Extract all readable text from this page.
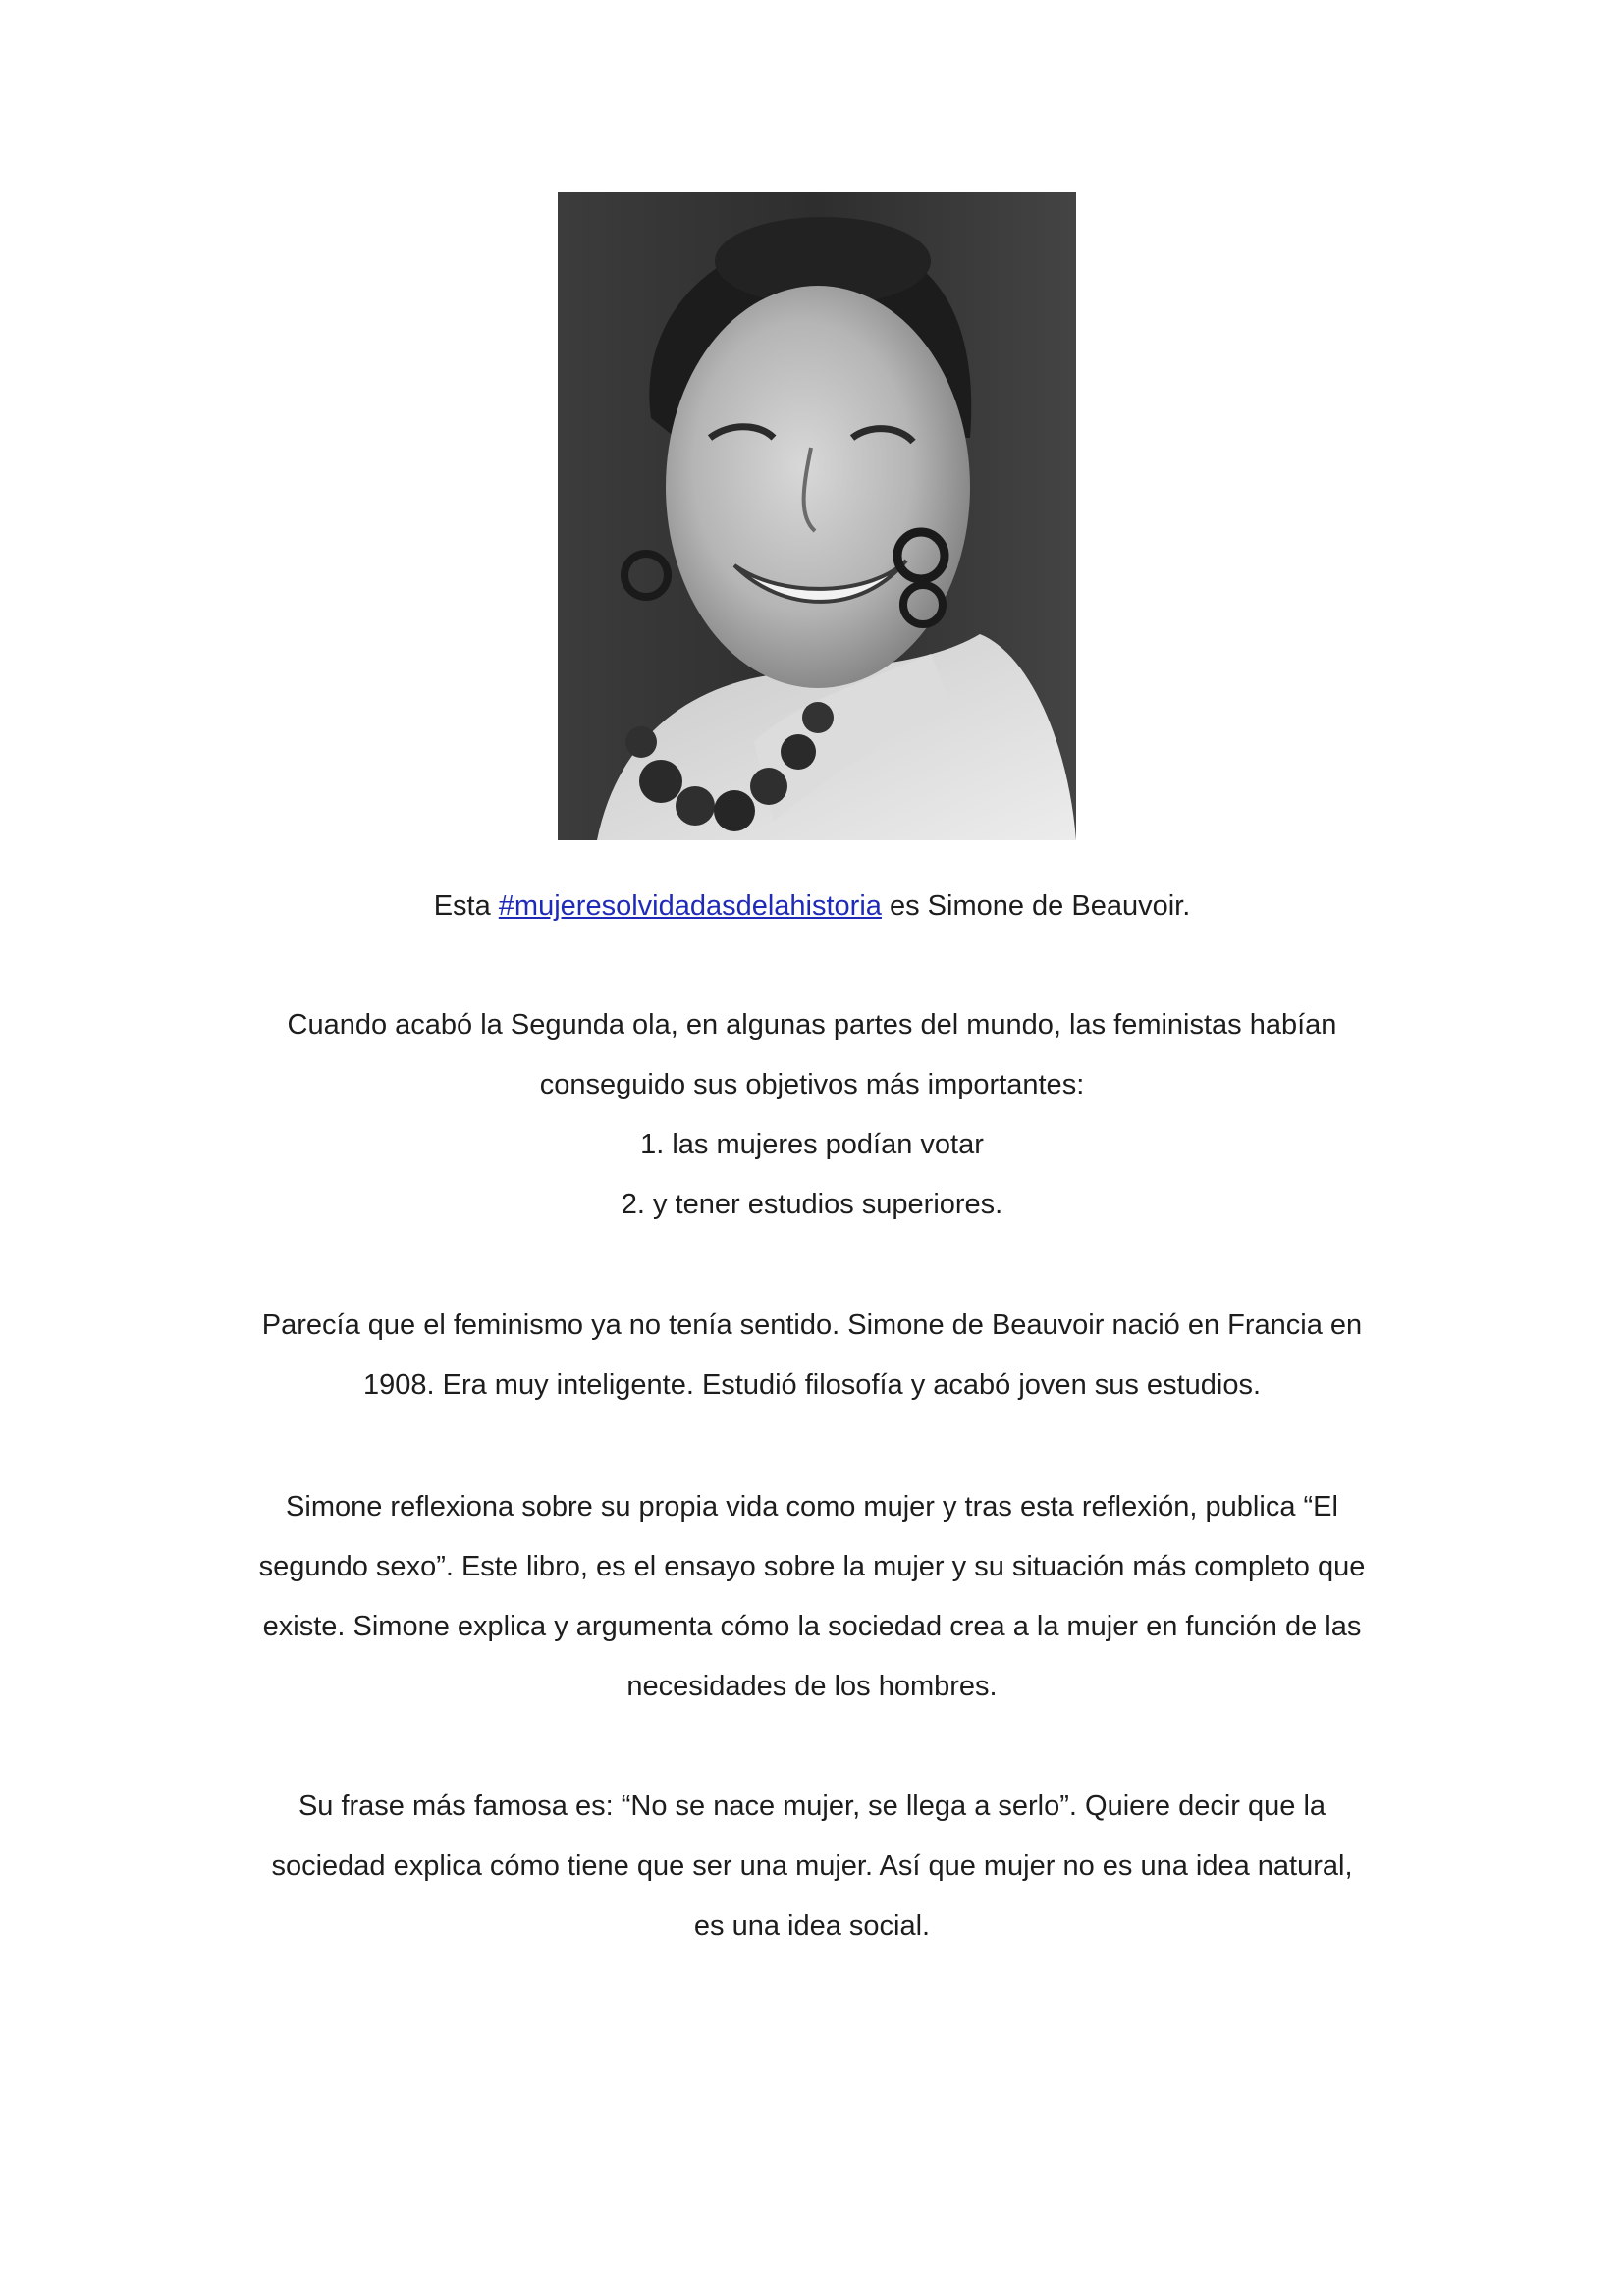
Esta #mujeresolvidadasdelahistoria es Simone de Beauvoir.

Cuando acabó la Segunda ola, en algunas partes del mundo, las feministas habían

conseguido sus objetivos más importantes:

1. las mujeres podían votar

2. y tener estudios superiores.

Parecía que el feminismo ya no tenía sentido. Simone de Beauvoir nació en Francia en

1908. Era muy inteligente. Estudió filosofía y acabó joven sus estudios.

Simone reflexiona sobre su propia vida como mujer y tras esta reflexión, publica “El

segundo sexo”. Este libro, es el ensayo sobre la mujer y su situación más completo que

existe. Simone explica y argumenta cómo la sociedad crea a la mujer en función de las

necesidades de los hombres.

Su frase más famosa es: “No se nace mujer, se llega a serlo”. Quiere decir que la

sociedad explica cómo tiene que ser una mujer. Así que mujer no es una idea natural,

es una idea social.
